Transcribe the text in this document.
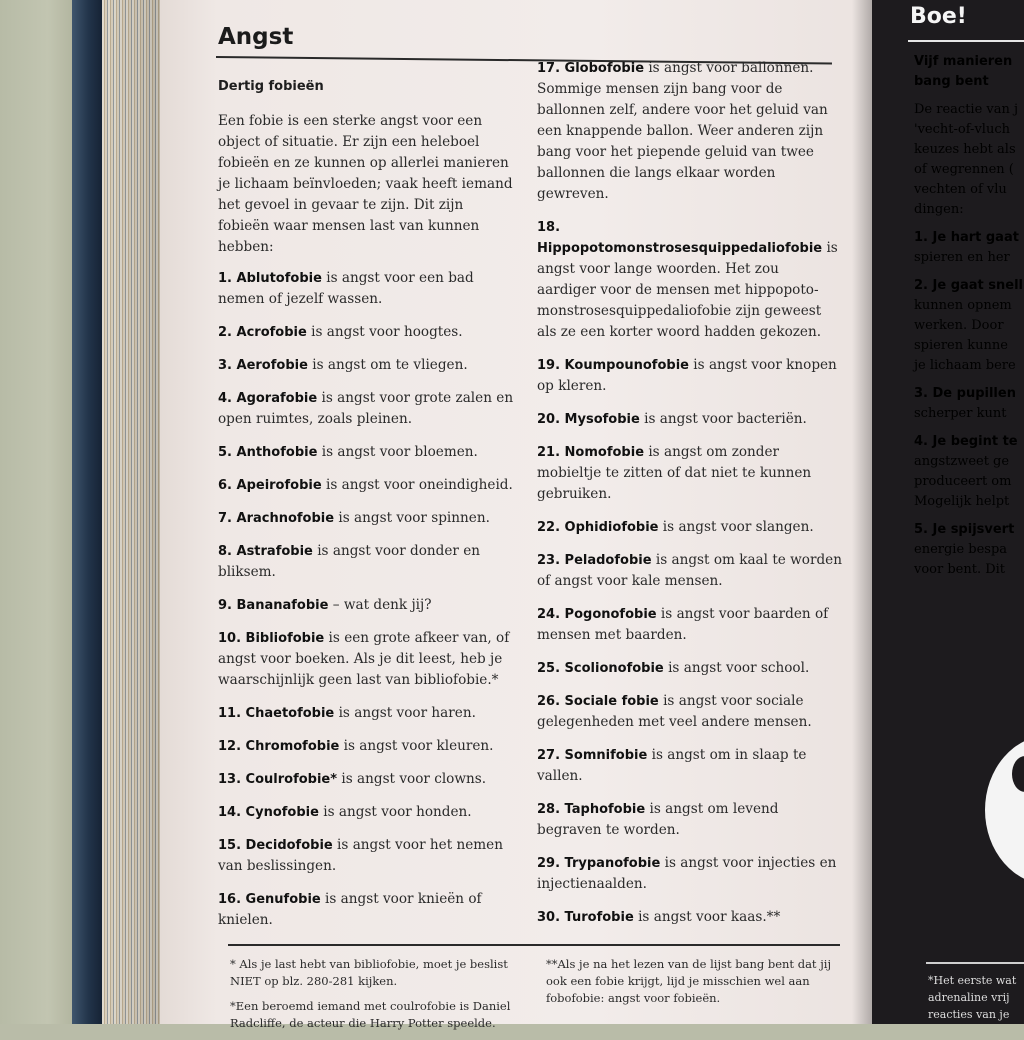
Angst

Dertig fobieën

Een fobie is een sterke angst voor een object of situatie. Er zijn een heleboel fobieën en ze kunnen op allerlei manieren je lichaam beïnvloeden; vaak heeft iemand het gevoel in gevaar te zijn. Dit zijn fobieën waar mensen last van kunnen hebben:

1. Ablutofobie is angst voor een bad nemen of jezelf wassen.

2. Acrofobie is angst voor hoogtes.

3. Aerofobie is angst om te vliegen.

4. Agorafobie is angst voor grote zalen en open ruimtes, zoals pleinen.

5. Anthofobie is angst voor bloemen.

6. Apeirofobie is angst voor oneindigheid.

7. Arachnofobie is angst voor spinnen.

8. Astrafobie is angst voor donder en bliksem.

9. Bananafobie – wat denk jij?

10. Bibliofobie is een grote afkeer van, of angst voor boeken. Als je dit leest, heb je waarschijnlijk geen last van bibliofobie.*

11. Chaetofobie is angst voor haren.

12. Chromofobie is angst voor kleuren.

13. Coulrofobie* is angst voor clowns.

14. Cynofobie is angst voor honden.

15. Decidofobie is angst voor het nemen van beslissingen.

16. Genufobie is angst voor knieën of knielen.

17. Globofobie is angst voor ballonnen. Sommige mensen zijn bang voor de ballonnen zelf, andere voor het geluid van een knappende ballon. Weer anderen zijn bang voor het piepende geluid van twee ballonnen die langs elkaar worden gewreven.

18. Hippopotomonstrosesquippedaliofobie is angst voor lange woorden. Het zou aardiger voor de mensen met hippopoto-monstrosesquippedaliofobie zijn geweest als ze een korter woord hadden gekozen.

19. Koumpounofobie is angst voor knopen op kleren.

20. Mysofobie is angst voor bacteriën.

21. Nomofobie is angst om zonder mobieltje te zitten of dat niet te kunnen gebruiken.

22. Ophidiofobie is angst voor slangen.

23. Peladofobie is angst om kaal te worden of angst voor kale mensen.

24. Pogonofobie is angst voor baarden of mensen met baarden.

25. Scolionofobie is angst voor school.

26. Sociale fobie is angst voor sociale gelegenheden met veel andere mensen.

27. Somnifobie is angst om in slaap te vallen.

28. Taphofobie is angst om levend begraven te worden.

29. Trypanofobie is angst voor injecties en injectienaalden.

30. Turofobie is angst voor kaas.**

* Als je last hebt van bibliofobie, moet je beslist NIET op blz. 280-281 kijken.

*Een beroemd iemand met coulrofobie is Daniel Radcliffe, de acteur die Harry Potter speelde.

**Als je na het lezen van de lijst bang bent dat jij ook een fobie krijgt, lijd je misschien wel aan fobofobie: angst voor fobieën.

Boe!

Vijf manieren
bang bent

De reactie van j
'vecht-of-vluch
keuzes hebt als
of wegrennen (
vechten of vlu
dingen:

1. Je hart gaat
spieren en her

2. Je gaat snell
kunnen opnem
werken. Door
spieren kunne
je lichaam bere

3. De pupillen
scherper kunt

4. Je begint te
angstzweet ge
produceert om
Mogelijk helpt

5. Je spijsvert
energie bespa
voor bent. Dit

*Het eerste wat
adrenaline vrij
reacties van je
